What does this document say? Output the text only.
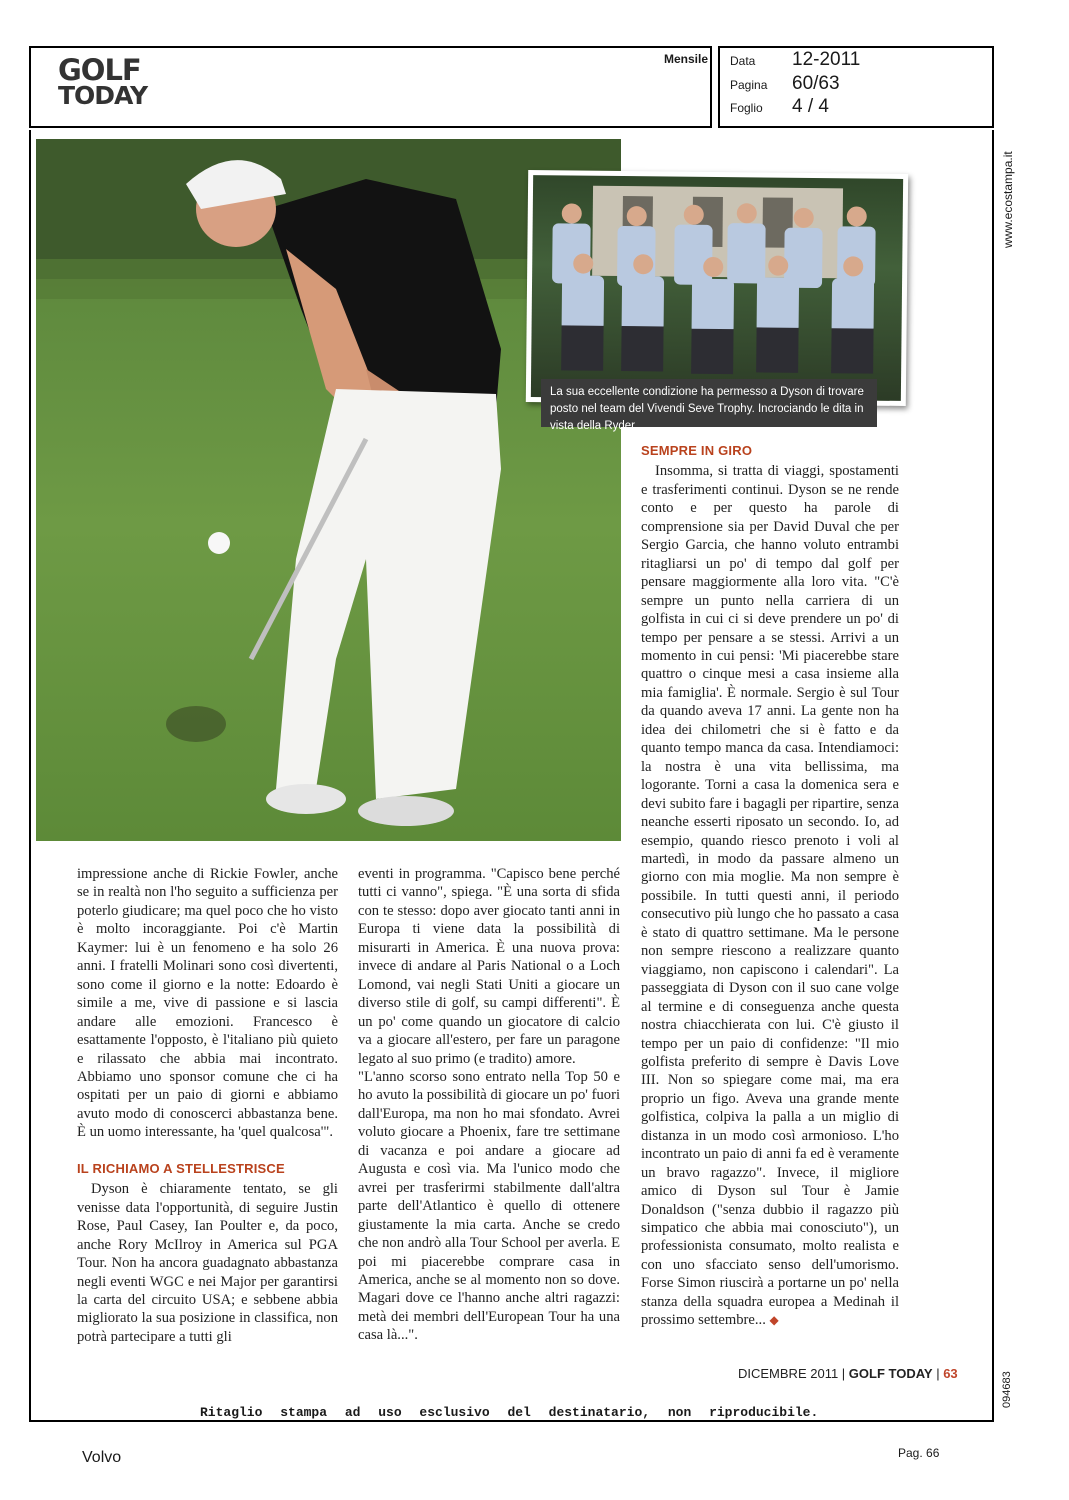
GOLF
TODAY
Mensile Data 12-2011
Pagina 60/63
Foglio 4 / 4
La sua eccellente condizione ha permesso a Dyson di trovare posto nel team del Vivendi Seve Trophy. Incrociando le dita in vista della Ryder...

impressione anche di Rickie Fowler, anche se in realtà non l'ho seguito a sufficienza per poterlo giudicare; ma quel poco che ho visto è molto incoraggiante. Poi c'è Martin Kaymer: lui è un fenomeno e ha solo 26 anni. I fratelli Molinari sono così divertenti, sono come il giorno e la notte: Edoardo è simile a me, vive di passione e si lascia andare alle emozioni. Francesco è esattamente l'opposto, è l'italiano più quieto e rilassato che abbia mai incontrato. Abbiamo uno sponsor comune che ci ha ospitati per un paio di giorni e abbiamo avuto modo di conoscerci abbastanza bene. È un uomo interessante, ha 'quel qualcosa'".

IL RICHIAMO A STELLESTRISCE

Dyson è chiaramente tentato, se gli venisse data l'opportunità, di seguire Justin Rose, Paul Casey, Ian Poulter e, da poco, anche Rory McIlroy in America sul PGA Tour. Non ha ancora guadagnato abbastanza negli eventi WGC e nei Major per garantirsi la carta del circuito USA; e sebbene abbia migliorato la sua posizione in classifica, non potrà partecipare a tutti gli

eventi in programma. "Capisco bene perché tutti ci vanno", spiega. "È una sorta di sfida con te stesso: dopo aver giocato tanti anni in Europa ti viene data la possibilità di misurarti in America. È una nuova prova: invece di andare al Paris National o a Loch Lomond, vai negli Stati Uniti a giocare un diverso stile di golf, su campi differenti". È un po' come quando un giocatore di calcio va a giocare all'estero, per fare un paragone legato al suo primo (e tradito) amore.

"L'anno scorso sono entrato nella Top 50 e ho avuto la possibilità di giocare un po' fuori dall'Europa, ma non ho mai sfondato. Avrei voluto giocare a Phoenix, fare tre settimane di vacanza e poi andare a giocare ad Augusta e così via. Ma l'unico modo che avrei per trasferirmi stabilmente dall'altra parte dell'Atlantico è quello di ottenere giustamente la mia carta. Anche se credo che non andrò alla Tour School per averla. E poi mi piacerebbe comprare casa in America, anche se al momento non so dove. Magari dove ce l'hanno anche altri ragazzi: metà dei membri dell'European Tour ha una casa là...".

SEMPRE IN GIRO

Insomma, si tratta di viaggi, spostamenti e trasferimenti continui. Dyson se ne rende conto e per questo ha parole di comprensione sia per David Duval che per Sergio Garcia, che hanno voluto entrambi ritagliarsi un po' di tempo dal golf per pensare maggiormente alla loro vita. "C'è sempre un punto nella carriera di un golfista in cui ci si deve prendere un po' di tempo per pensare a se stessi. Arrivi a un momento in cui pensi: 'Mi piacerebbe stare quattro o cinque mesi a casa insieme alla mia famiglia'. È normale. Sergio è sul Tour da quando aveva 17 anni. La gente non ha idea dei chilometri che si è fatto e da quanto tempo manca da casa. Intendiamoci: la nostra è una vita bellissima, ma logorante. Torni a casa la domenica sera e devi subito fare i bagagli per ripartire, senza neanche esserti riposato un secondo. Io, ad esempio, quando riesco prenoto i voli al martedì, in modo da passare almeno un giorno con mia moglie. Ma non sempre è possibile. In tutti questi anni, il periodo consecutivo più lungo che ho passato a casa è stato di quattro settimane. Ma le persone non sempre riescono a realizzare quanto viaggiamo, non capiscono i calendari". La passeggiata di Dyson con il suo cane volge al termine e di conseguenza anche questa nostra chiacchierata con lui. C'è giusto il tempo per un paio di confidenze: "Il mio golfista preferito di sempre è Davis Love III. Non so spiegare come mai, ma era proprio un figo. Aveva una grande mente golfistica, colpiva la palla a un miglio di distanza in un modo così armonioso. L'ho incontrato un paio di anni fa ed è veramente un bravo ragazzo". Invece, il migliore amico di Dyson sul Tour è Jamie Donaldson ("senza dubbio il ragazzo più simpatico che abbia mai conosciuto"), un professionista consumato, molto realista e con uno sfacciato senso dell'umorismo. Forse Simon riuscirà a portarne un po' nella stanza della squadra europea a Medinah il prossimo settembre... ◆

DICEMBRE 2011 | GOLF TODAY | 63
Ritaglio stampa ad uso esclusivo del destinatario, non riproducibile.
www.ecostampa.it
094683
Volvo	Pag. 66
